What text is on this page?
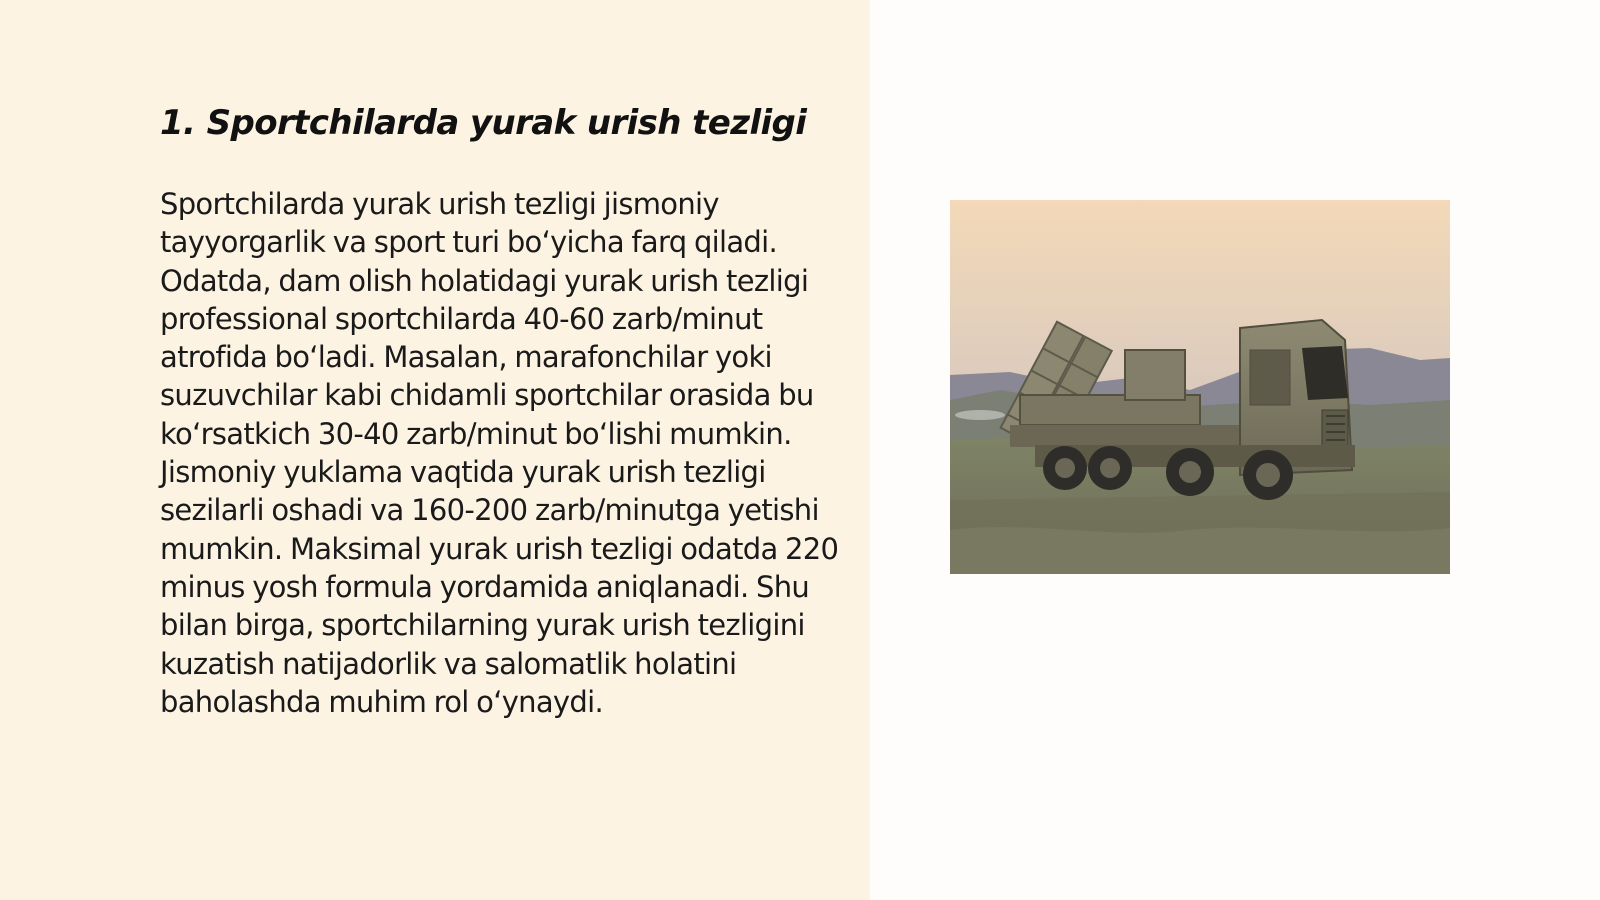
1. Sportchilarda yurak urish tezligi

Sportchilarda yurak urish tezligi jismoniy tayyorgarlik va sport turi bo‘yicha farq qiladi. Odatda, dam olish holatidagi yurak urish tezligi professional sportchilarda 40-60 zarb/minut atrofida bo‘ladi. Masalan, marafonchilar yoki suzuvchilar kabi chidamli sportchilar orasida bu ko‘rsatkich 30-40 zarb/minut bo‘lishi mumkin. Jismoniy yuklama vaqtida yurak urish tezligi sezilarli oshadi va 160-200 zarb/minutga yetishi mumkin. Maksimal yurak urish tezligi odatda 220 minus yosh formula yordamida aniqlanadi. Shu bilan birga, sportchilarning yurak urish tezligini kuzatish natijadorlik va salomatlik holatini baholashda muhim rol o‘ynaydi.
